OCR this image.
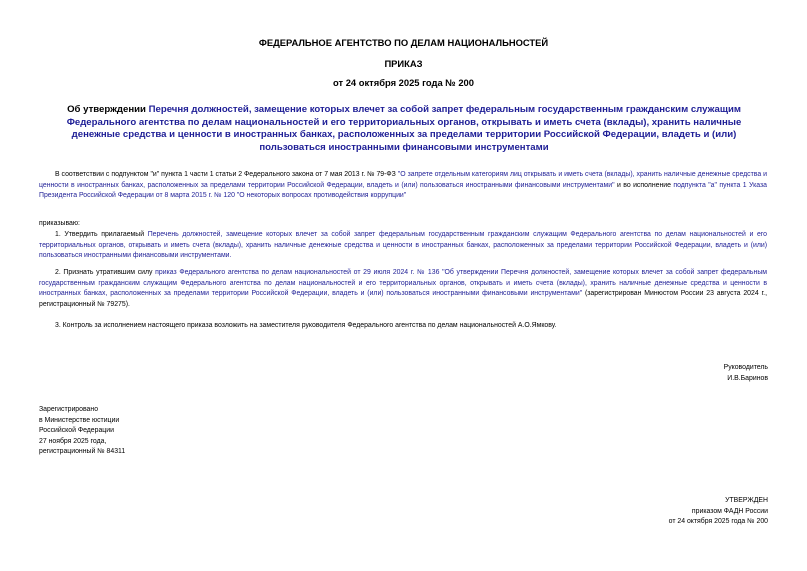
ФЕДЕРАЛЬНОЕ АГЕНТСТВО ПО ДЕЛАМ НАЦИОНАЛЬНОСТЕЙ
ПРИКАЗ
от 24 октября 2025 года № 200
Об утверждении Перечня должностей, замещение которых влечет за собой запрет федеральным государственным гражданским служащим Федерального агентства по делам национальностей и его территориальных органов, открывать и иметь счета (вклады), хранить наличные денежные средства и ценности в иностранных банках, расположенных за пределами территории Российской Федерации, владеть и (или) пользоваться иностранными финансовыми инструментами
В соответствии с подпунктом "и" пункта 1 части 1 статьи 2 Федерального закона от 7 мая 2013 г. № 79-ФЗ "О запрете отдельным категориям лиц открывать и иметь счета (вклады), хранить наличные денежные средства и ценности в иностранных банках, расположенных за пределами территории Российской Федерации, владеть и (или) пользоваться иностранными финансовыми инструментами" и во исполнение подпункта "а" пункта 1 Указа Президента Российской Федерации от 8 марта 2015 г. № 120 "О некоторых вопросах противодействия коррупции"
приказываю:
1. Утвердить прилагаемый Перечень должностей, замещение которых влечет за собой запрет федеральным государственным гражданским служащим Федерального агентства по делам национальностей и его территориальных органов, открывать и иметь счета (вклады), хранить наличные денежные средства и ценности в иностранных банках, расположенных за пределами территории Российской Федерации, владеть и (или) пользоваться иностранными финансовыми инструментами.
2. Признать утратившим силу приказ Федерального агентства по делам национальностей от 29 июля 2024 г. № 136 "Об утверждении Перечня должностей, замещение которых влечет за собой запрет федеральным государственным гражданским служащим Федерального агентства по делам национальностей и его территориальных органов, открывать и иметь счета (вклады), хранить наличные денежные средства и ценности в иностранных банках, расположенных за пределами территории Российской Федерации, владеть и (или) пользоваться иностранными финансовыми инструментами" (зарегистрирован Минюстом России 23 августа 2024 г., регистрационный № 79275).
3. Контроль за исполнением настоящего приказа возложить на заместителя руководителя Федерального агентства по делам национальностей А.О.Ямкову.
Руководитель
И.В.Баринов
Зарегистрировано
в Министерстве юстиции
Российской Федерации
27 ноября 2025 года,
регистрационный № 84311
УТВЕРЖДЕН
приказом ФАДН России
от 24 октября 2025 года № 200
